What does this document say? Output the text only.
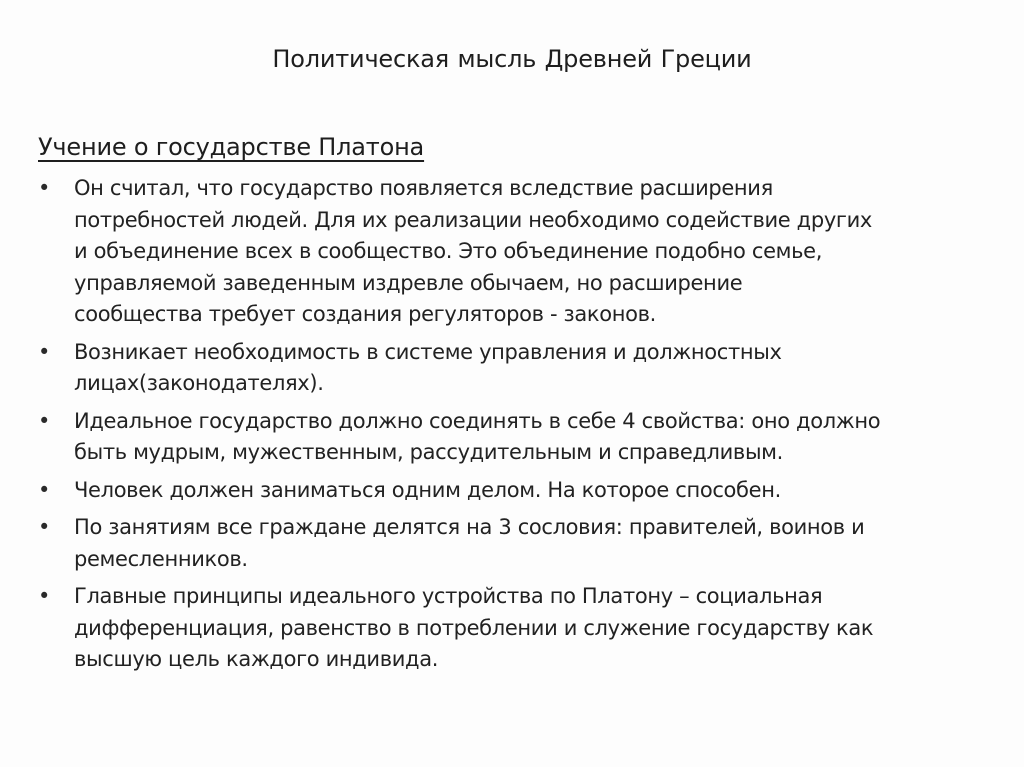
Политическая мысль Древней Греции
Учение о государстве Платона
• Он считал, что государство появляется вследствие расширения
потребностей людей. Для их реализации необходимо содействие других
и объединение всех в сообщество. Это объединение подобно семье,
управляемой заведенным издревле обычаем, но расширение
сообщества требует создания регуляторов - законов.
• Возникает необходимость в системе управления и должностных
лицах(законодателях).
• Идеальное государство должно соединять в себе 4 свойства: оно должно
быть мудрым, мужественным, рассудительным и справедливым.
• Человек должен заниматься одним делом. На которое способен.
• По занятиям все граждане делятся на 3 сословия: правителей, воинов и
ремесленников.
• Главные принципы идеального устройства по Платону – социальная
дифференциация, равенство в потреблении и служение государству как
высшую цель каждого индивида.
